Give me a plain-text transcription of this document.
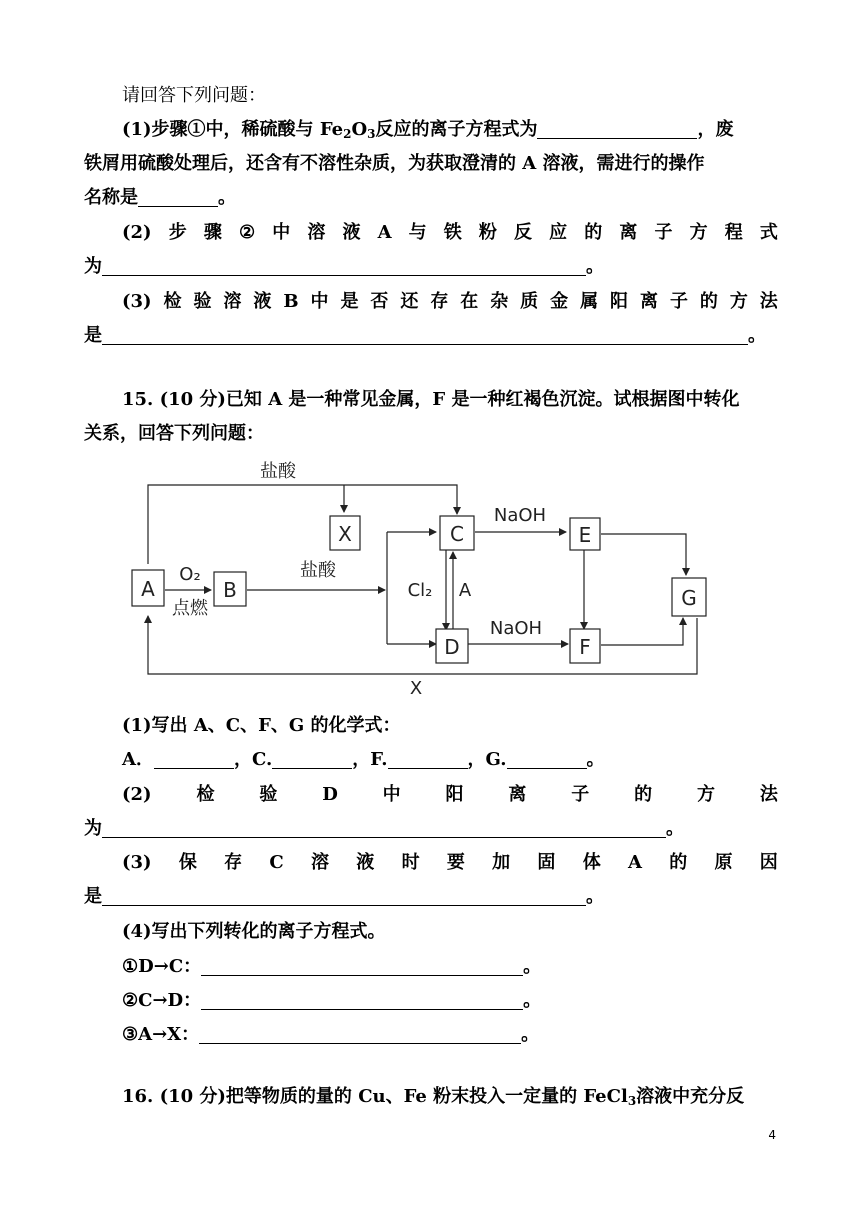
请回答下列问题：
(1)步骤①中，稀硫酸与 $Fe_2O_3$反应的离子方程式为	，废
铁屑用硫酸处理后，还含有不溶性杂质，为获取澄清的 A 溶液，需进行的操作
名称是	。
(2) 步 骤 ② 中 溶 液 A 与 铁 粉 反 应 的 离 子 方 程 式
为	。
(3) 检 验 溶 液 B 中 是 否 还 存 在 杂 质 金 属 阳 离 子 的 方 法
是	。
15. (10 分)已知 A 是一种常见金属，F 是一种红褐色沉淀。试根据图中转化
关系，回答下列问题：
A	B
X	C
D
E
F
G
盐酸
盐酸
O₂
点燃
NaOH
NaOH
Cl₂ A
X
(1)写出 A、C、F、G 的化学式：
A．	，C.	，F.	，G.	。
(2) 检 验 D 中 阳 离 子 的 方 法
为	。
(3) 保 存 C 溶 液 时 要 加 固 体 A 的 原 因
是	。
(4)写出下列转化的离子方程式。
①D→C：	。
②C→D：	。
③A→X：	。
16. (10 分)把等物质的量的 Cu、Fe 粉末投入一定量的 FeCl$_3$溶液中充分反
4
